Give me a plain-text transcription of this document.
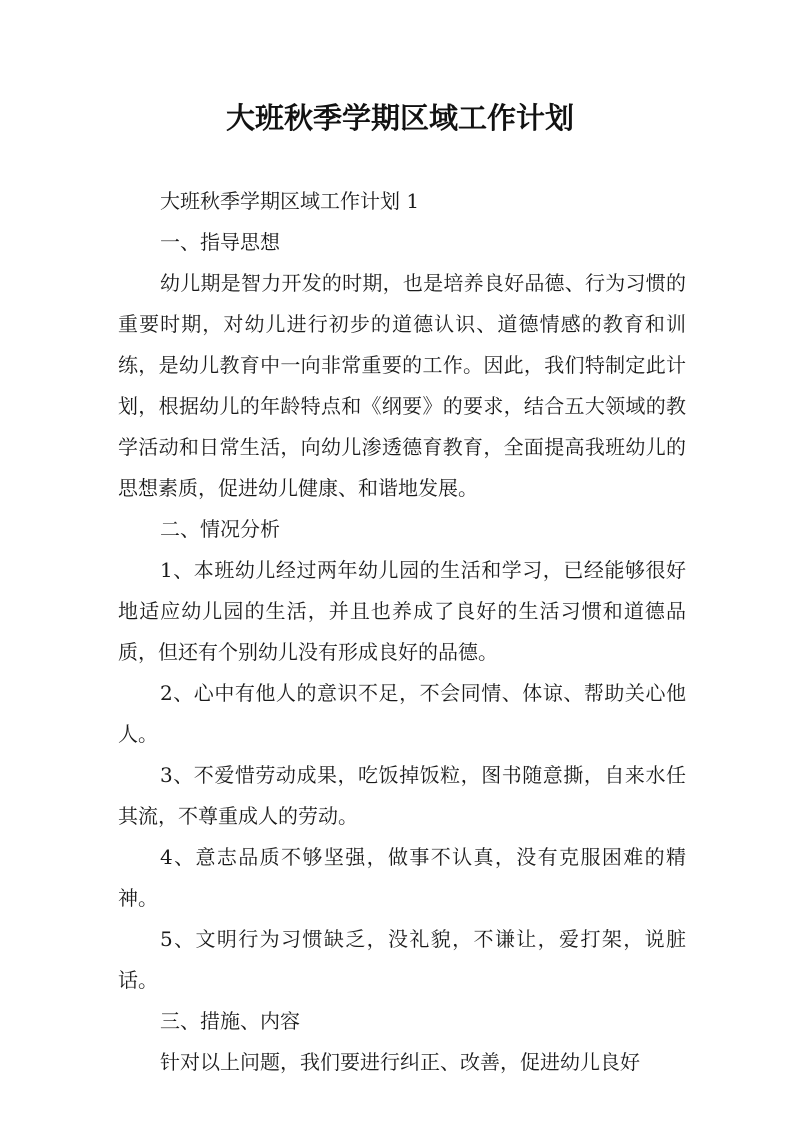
大班秋季学期区域工作计划

大班秋季学期区域工作计划 1

一、指导思想

幼儿期是智力开发的时期，也是培养良好品德、行为习惯的重要时期，对幼儿进行初步的道德认识、道德情感的教育和训练，是幼儿教育中一向非常重要的工作。因此，我们特制定此计划，根据幼儿的年龄特点和《纲要》的要求，结合五大领域的教学活动和日常生活，向幼儿渗透德育教育，全面提高我班幼儿的思想素质，促进幼儿健康、和谐地发展。

二、情况分析

1、本班幼儿经过两年幼儿园的生活和学习，已经能够很好地适应幼儿园的生活，并且也养成了良好的生活习惯和道德品质，但还有个别幼儿没有形成良好的品德。

2、心中有他人的意识不足，不会同情、体谅、帮助关心他人。

3、不爱惜劳动成果，吃饭掉饭粒，图书随意撕，自来水任其流，不尊重成人的劳动。

4、意志品质不够坚强，做事不认真，没有克服困难的精神。

5、文明行为习惯缺乏，没礼貌，不谦让，爱打架，说脏话。

三、措施、内容

针对以上问题，我们要进行纠正、改善，促进幼儿良好
